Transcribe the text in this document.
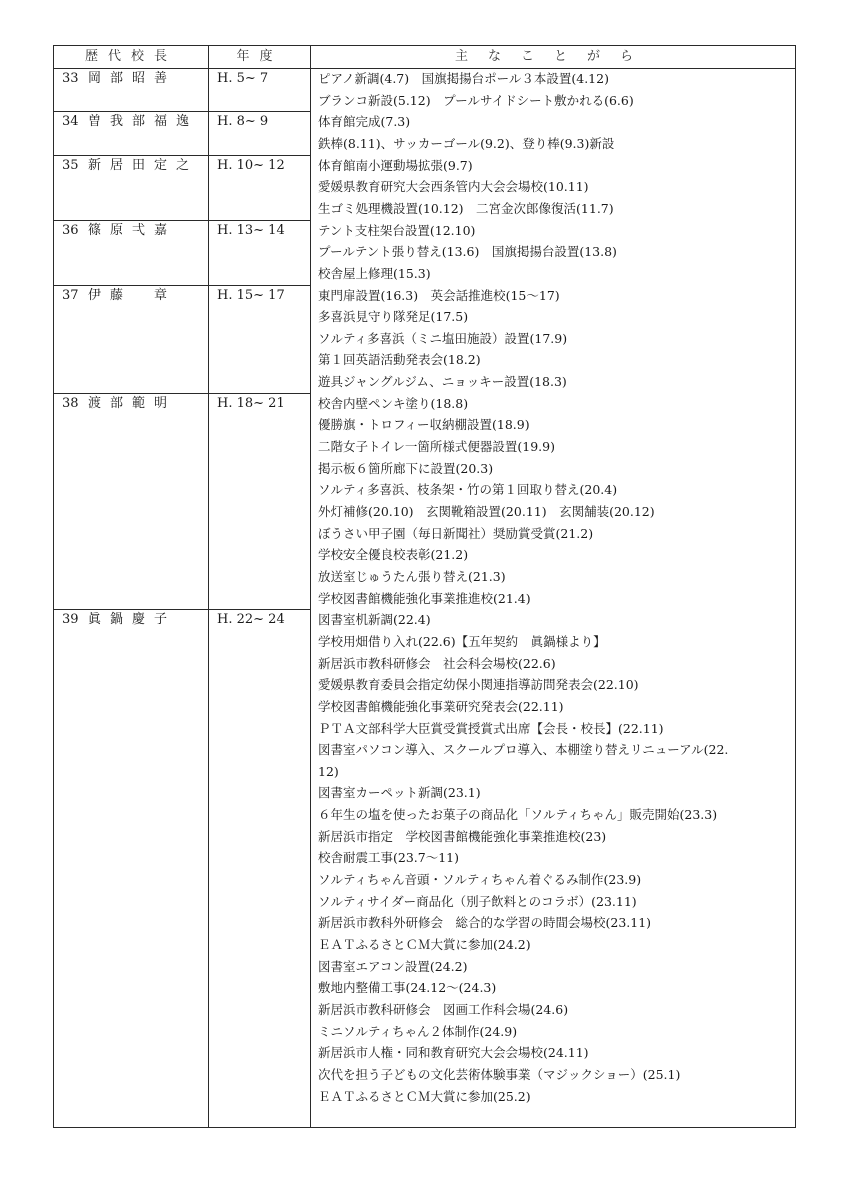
歴代校長	年度	主なことがら
33 岡部昭善	H. 5~ 7	ピアノ新調(4.7)　国旗掲揚台ポール３本設置(4.12)
ブランコ新設(5.12)　プールサイドシート敷かれる(6.6)
34 曽我部福逸	H. 8~ 9	体育館完成(7.3)
鉄棒(8.11)、サッカーゴール(9.2)、登り棒(9.3)新設
35 新居田定之	H. 10~ 12	体育館南小運動場拡張(9.7)
愛媛県教育研究大会西条管内大会会場校(10.11)
生ゴミ処理機設置(10.12)　二宮金次郎像復活(11.7)
36 篠原弌嘉	H. 13~ 14	テント支柱架台設置(12.10)
プールテント張り替え(13.6)　国旗掲揚台設置(13.8)
校舎屋上修理(15.3)
37 伊藤　章	H. 15~ 17	東門扉設置(16.3)　英会話推進校(15～17)
多喜浜見守り隊発足(17.5)
ソルティ多喜浜（ミニ塩田施設）設置(17.9)
第１回英語活動発表会(18.2)
遊具ジャングルジム、ニョッキー設置(18.3)
38 渡部範明	H. 18~ 21	校舎内壁ペンキ塗り(18.8)
優勝旗・トロフィー収納棚設置(18.9)
二階女子トイレ一箇所様式便器設置(19.9)
掲示板６箇所廊下に設置(20.3)
ソルティ多喜浜、枝条架・竹の第１回取り替え(20.4)
外灯補修(20.10)　玄関靴箱設置(20.11)　玄関舗装(20.12)
ぼうさい甲子園（毎日新聞社）奨励賞受賞(21.2)
学校安全優良校表彰(21.2)
放送室じゅうたん張り替え(21.3)
学校図書館機能強化事業推進校(21.4)
39 眞鍋慶子	H. 22~ 24	図書室机新調(22.4)
学校用畑借り入れ(22.6)【五年契約　眞鍋様より】
新居浜市教科研修会　社会科会場校(22.6)
愛媛県教育委員会指定幼保小関連指導訪問発表会(22.10)
学校図書館機能強化事業研究発表会(22.11)
ＰＴＡ文部科学大臣賞受賞授賞式出席【会長・校長】(22.11)
図書室パソコン導入、スクールプロ導入、本棚塗り替えリニューアル(22.
12)
図書室カーペット新調(23.1)
６年生の塩を使ったお菓子の商品化「ソルティちゃん」販売開始(23.3)
新居浜市指定　学校図書館機能強化事業推進校(23)
校舎耐震工事(23.7～11)
ソルティちゃん音頭・ソルティちゃん着ぐるみ制作(23.9)
ソルティサイダー商品化（別子飲料とのコラボ）(23.11)
新居浜市教科外研修会　総合的な学習の時間会場校(23.11)
ＥＡＴふるさとＣＭ大賞に参加(24.2)
図書室エアコン設置(24.2)
敷地内整備工事(24.12～(24.3)
新居浜市教科研修会　図画工作科会場(24.6)
ミニソルティちゃん２体制作(24.9)
新居浜市人権・同和教育研究大会会場校(24.11)
次代を担う子どもの文化芸術体験事業（マジックショー）(25.1)
ＥＡＴふるさとＣＭ大賞に参加(25.2)
